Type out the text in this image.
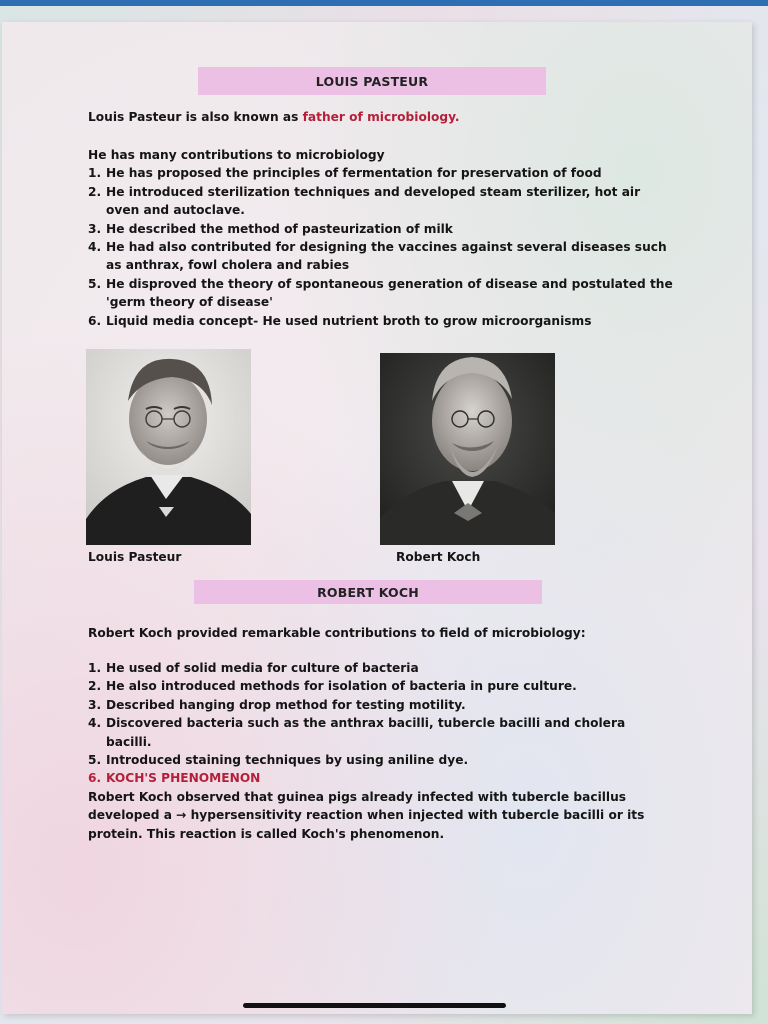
LOUIS PASTEUR
Louis Pasteur is also known as father of microbiology.
He has many contributions to microbiology
1. He has proposed the principles of fermentation for preservation of food
2. He introduced sterilization techniques and developed steam sterilizer, hot air oven and autoclave.
3. He described the method of pasteurization of milk
4. He had also contributed for designing the vaccines against several diseases such as anthrax, fowl cholera and rabies
5. He disproved the theory of spontaneous generation of disease and postulated the 'germ theory of disease'
6. Liquid media concept- He used nutrient broth to grow microorganisms
Louis Pasteur	Robert Koch
ROBERT KOCH
Robert Koch provided remarkable contributions to field of microbiology:
1. He used of solid media for culture of bacteria
2. He also introduced methods for isolation of bacteria in pure culture.
3. Described hanging drop method for testing motility.
4. Discovered bacteria such as the anthrax bacilli, tubercle bacilli and cholera bacilli.
5. Introduced staining techniques by using aniline dye.
6. KOCH'S PHENOMENON
Robert Koch observed that guinea pigs already infected with tubercle bacillus developed a → hypersensitivity reaction when injected with tubercle bacilli or its protein. This reaction is called Koch's phenomenon.
